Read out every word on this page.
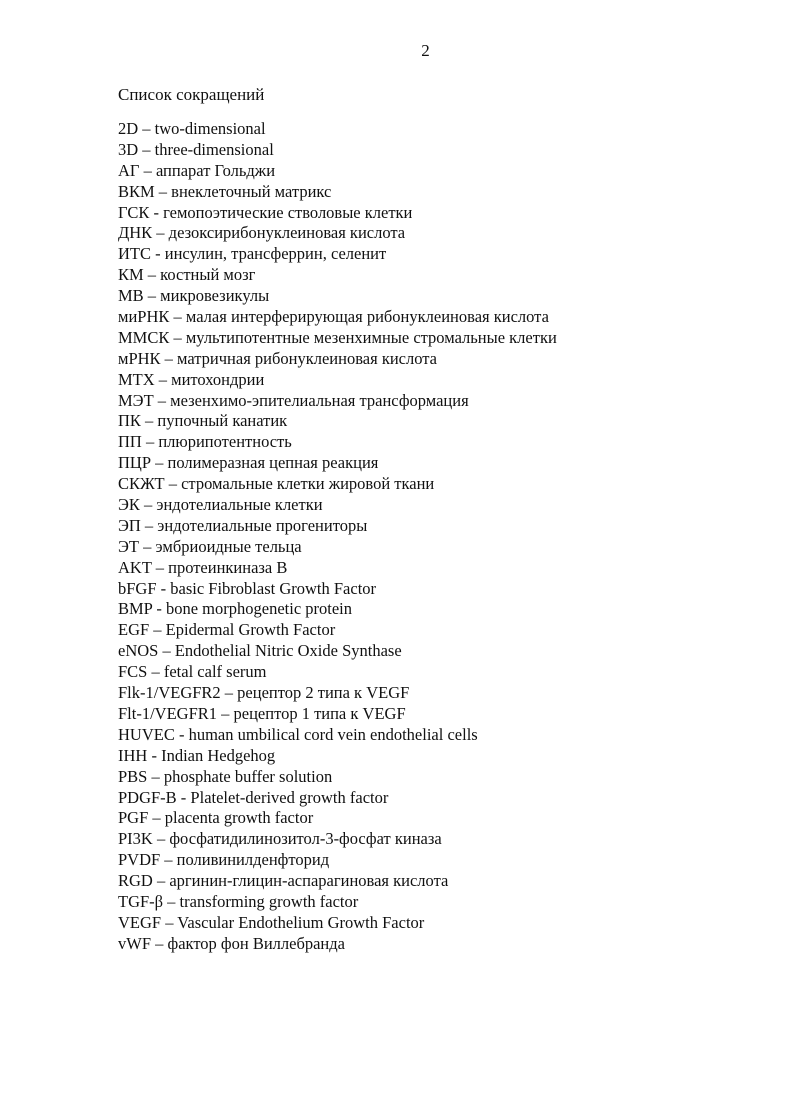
2
Список сокращений
2D – two-dimensional
3D – three-dimensional
АГ – аппарат Гольджи
ВКМ – внеклеточный матрикс
ГСК - гемопоэтические стволовые клетки
ДНК – дезоксирибонуклеиновая кислота
ИТС - инсулин, трансферрин, селенит
КМ – костный мозг
МВ – микровезикулы
миРНК – малая интерферирующая рибонуклеиновая кислота
ММСК – мультипотентные мезенхимные стромальные клетки
мРНК – матричная рибонуклеиновая кислота
МТХ – митохондрии
МЭТ – мезенхимо-эпителиальная трансформация
ПК – пупочный канатик
ПП – плюрипотентность
ПЦР – полимеразная цепная реакция
СКЖТ – стромальные клетки жировой ткани
ЭК – эндотелиальные клетки
ЭП – эндотелиальные прогениторы
ЭТ – эмбриоидные тельца
AKT – протеинкиназа B
bFGF - basic Fibroblast Growth Factor
BMP - bone morphogenetic protein
EGF – Epidermal Growth Factor
eNOS – Endothelial Nitric Oxide Synthase
FCS – fetal calf serum
Flk-1/VEGFR2 – рецептор 2 типа к VEGF
Flt-1/VEGFR1 – рецептор 1 типа к VEGF
HUVEC - human umbilical cord vein endothelial cells
IHH - Indian Hedgehog
PBS – phosphate buffer solution
PDGF-B - Platelet-derived growth factor
PGF – placenta growth factor
PI3K – фосфатидилинозитол-3-фосфат киназа
PVDF – поливинилденфторид
RGD – аргинин-глицин-аспарагиновая кислота
TGF-β – transforming growth factor
VEGF – Vascular Endothelium Growth Factor
vWF – фактор фон Виллебранда
